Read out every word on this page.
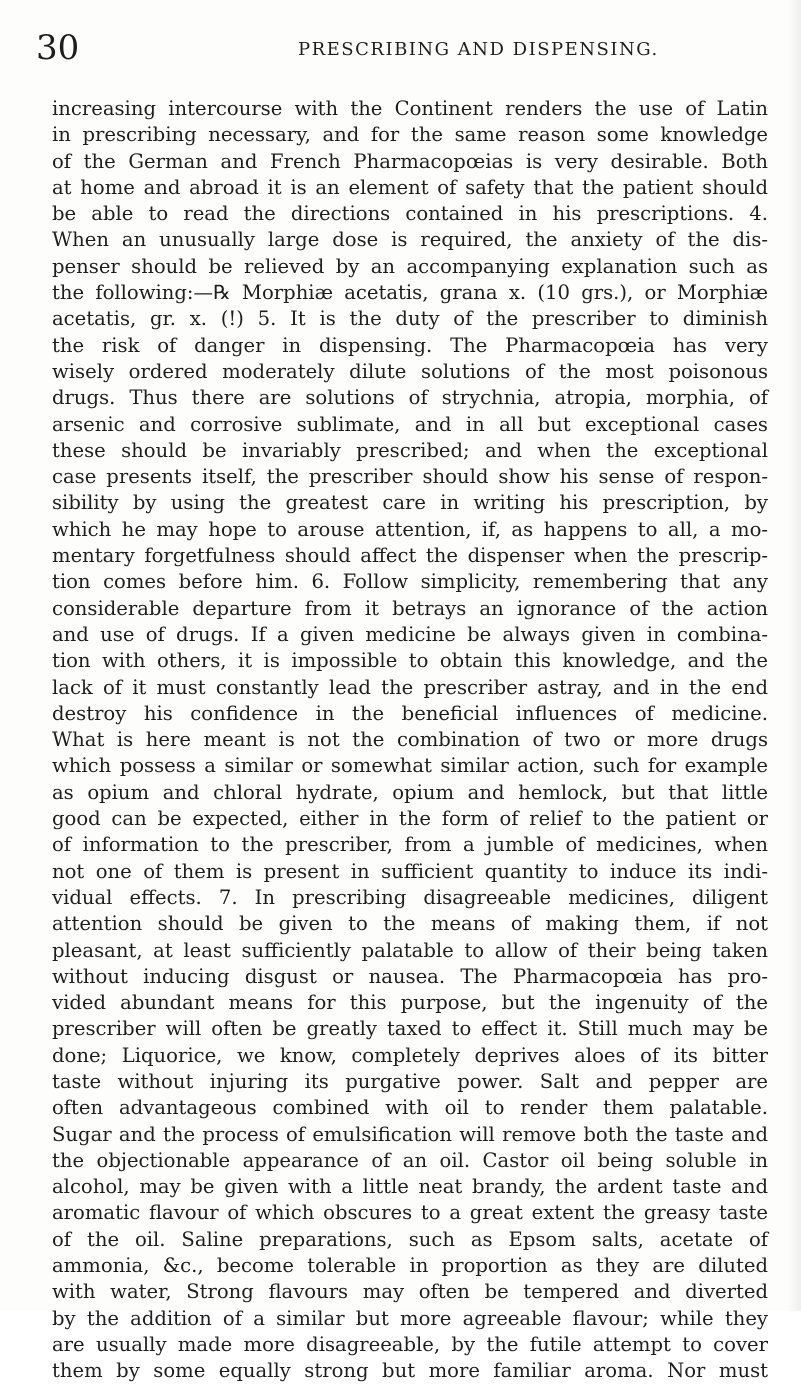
30	PRESCRIBING AND DISPENSING.
increasing intercourse with the Continent renders the use of Latin
in prescribing necessary, and for the same reason some knowledge
of the German and French Pharmacopœias is very desirable. Both
at home and abroad it is an element of safety that the patient should
be able to read the directions contained in his prescriptions. 4.
When an unusually large dose is required, the anxiety of the dis-
penser should be relieved by an accompanying explanation such as
the following:—℞ Morphiæ acetatis, grana x. (10 grs.), or Morphiæ
acetatis, gr. x. (!) 5. It is the duty of the prescriber to diminish
the risk of danger in dispensing. The Pharmacopœia has very
wisely ordered moderately dilute solutions of the most poisonous
drugs. Thus there are solutions of strychnia, atropia, morphia, of
arsenic and corrosive sublimate, and in all but exceptional cases
these should be invariably prescribed; and when the exceptional
case presents itself, the prescriber should show his sense of respon-
sibility by using the greatest care in writing his prescription, by
which he may hope to arouse attention, if, as happens to all, a mo-
mentary forgetfulness should affect the dispenser when the prescrip-
tion comes before him. 6. Follow simplicity, remembering that any
considerable departure from it betrays an ignorance of the action
and use of drugs. If a given medicine be always given in combina-
tion with others, it is impossible to obtain this knowledge, and the
lack of it must constantly lead the prescriber astray, and in the end
destroy his confidence in the beneficial influences of medicine.
What is here meant is not the combination of two or more drugs
which possess a similar or somewhat similar action, such for example
as opium and chloral hydrate, opium and hemlock, but that little
good can be expected, either in the form of relief to the patient or
of information to the prescriber, from a jumble of medicines, when
not one of them is present in sufficient quantity to induce its indi-
vidual effects. 7. In prescribing disagreeable medicines, diligent
attention should be given to the means of making them, if not
pleasant, at least sufficiently palatable to allow of their being taken
without inducing disgust or nausea. The Pharmacopœia has pro-
vided abundant means for this purpose, but the ingenuity of the
prescriber will often be greatly taxed to effect it. Still much may be
done; Liquorice, we know, completely deprives aloes of its bitter
taste without injuring its purgative power. Salt and pepper are
often advantageous combined with oil to render them palatable.
Sugar and the process of emulsification will remove both the taste and
the objectionable appearance of an oil. Castor oil being soluble in
alcohol, may be given with a little neat brandy, the ardent taste and
aromatic flavour of which obscures to a great extent the greasy taste
of the oil. Saline preparations, such as Epsom salts, acetate of
ammonia, &c., become tolerable in proportion as they are diluted
with water, Strong flavours may often be tempered and diverted
by the addition of a similar but more agreeable flavour; while they
are usually made more disagreeable, by the futile attempt to cover
them by some equally strong but more familiar aroma. Nor must
